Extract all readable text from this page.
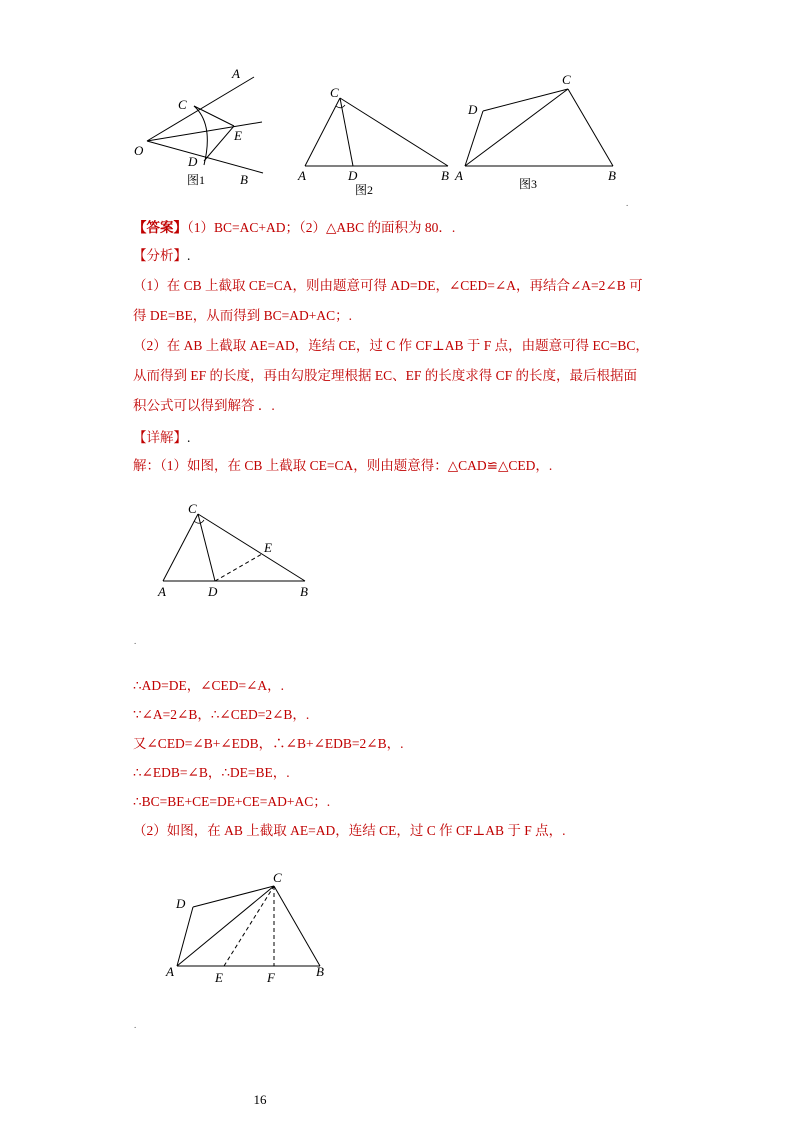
A
C
E
O
D
B
图1
C
A	D	B
图2
C
D
A	B
图3
.
【答案】（1）BC=AC+AD；（2）△ABC 的面积为 80．.
【分析】.
（1）在 CB 上截取 CE=CA，则由题意可得 AD=DE，∠CED=∠A，再结合∠A=2∠B 可
得 DE=BE，从而得到 BC=AD+AC；.
（2）在 AB 上截取 AE=AD，连结 CE，过 C 作 CF⊥AB 于 F 点，由题意可得 EC=BC，
从而得到 EF 的长度，再由勾股定理根据 EC、EF 的长度求得 CF 的长度，最后根据面
积公式可以得到解答 ．.
【详解】.
解：（1）如图，在 CB 上截取 CE=CA，则由题意得：△CAD≌△CED，.
C
E
A	D	B
.
∴AD=DE，∠CED=∠A，.
∵∠A=2∠B，∴∠CED=2∠B，.
又∠CED=∠B+∠EDB，∴∠B+∠EDB=2∠B，.
∴∠EDB=∠B，∴DE=BE，.
∴BC=BE+CE=DE+CE=AD+AC；.
（2）如图，在 AB 上截取 AE=AD，连结 CE，过 C 作 CF⊥AB 于 F 点，.
C
D
A	E	F	B
.
16
